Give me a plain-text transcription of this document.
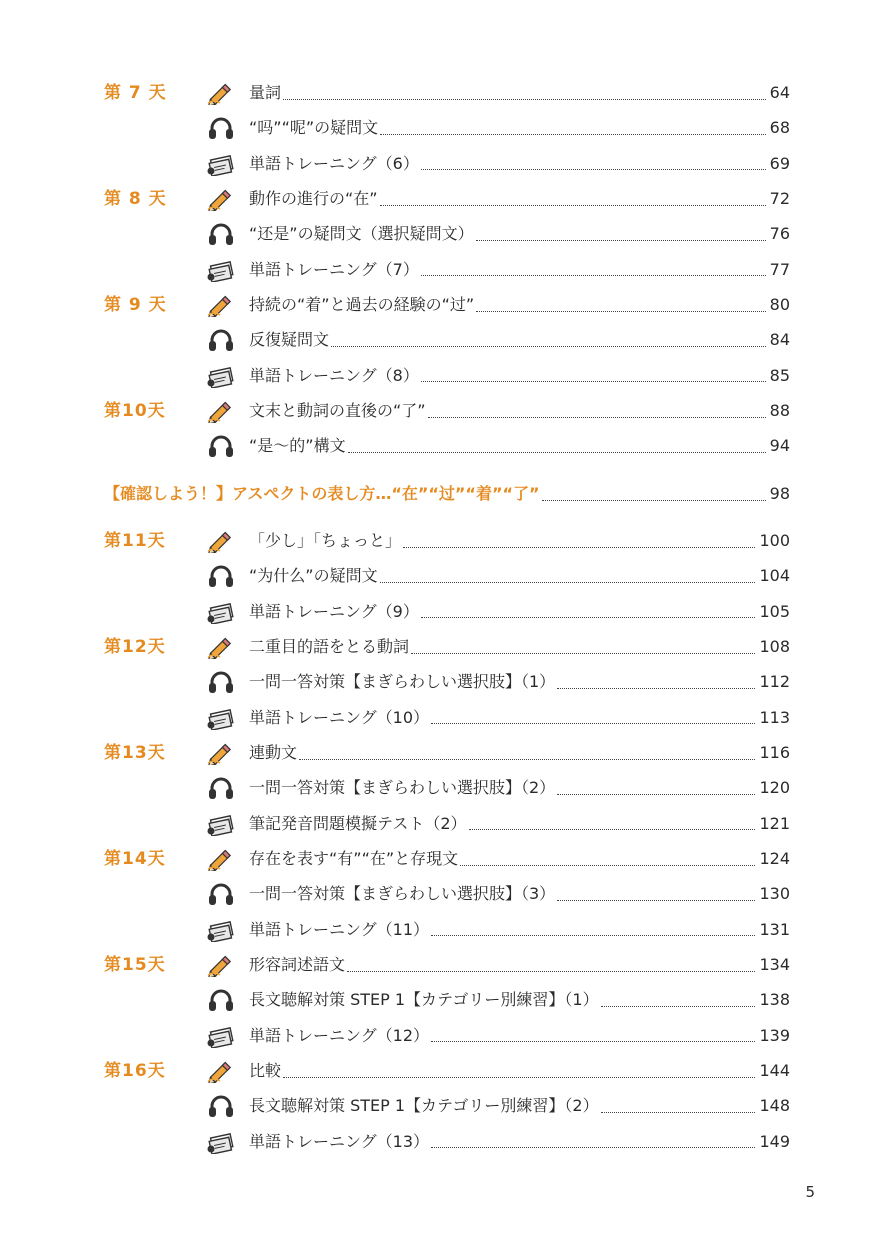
第 7 天	量詞	64
“吗”“呢”の疑問文	68
単語トレーニング（6）	69
第 8 天	動作の進行の“在”	72
“还是”の疑問文（選択疑問文）	76
単語トレーニング（7）	77
第 9 天	持続の“着”と過去の経験の“过”	80
反復疑問文	84
単語トレーニング（8）	85
第10天	文末と動詞の直後の“了”	88
“是～的”構文	94
第11天	「少し」「ちょっと」	100
“为什么”の疑問文	104
単語トレーニング（9）	105
第12天	二重目的語をとる動詞	108
一問一答対策【まぎらわしい選択肢】（1）	112
単語トレーニング（10）	113
第13天	連動文	116
一問一答対策【まぎらわしい選択肢】（2）	120
筆記発音問題模擬テスト（2）	121
第14天	存在を表す“有”“在”と存現文	124
一問一答対策【まぎらわしい選択肢】（3）	130
単語トレーニング（11）	131
第15天	形容詞述語文	134
長文聴解対策 STEP 1【カテゴリー別練習】（1）	138
単語トレーニング（12）	139
第16天	比較	144
長文聴解対策 STEP 1【カテゴリー別練習】（2）	148
単語トレーニング（13）	149
【確認しよう！】アスペクトの表し方…“在”“过”“着”“了”	98
5
